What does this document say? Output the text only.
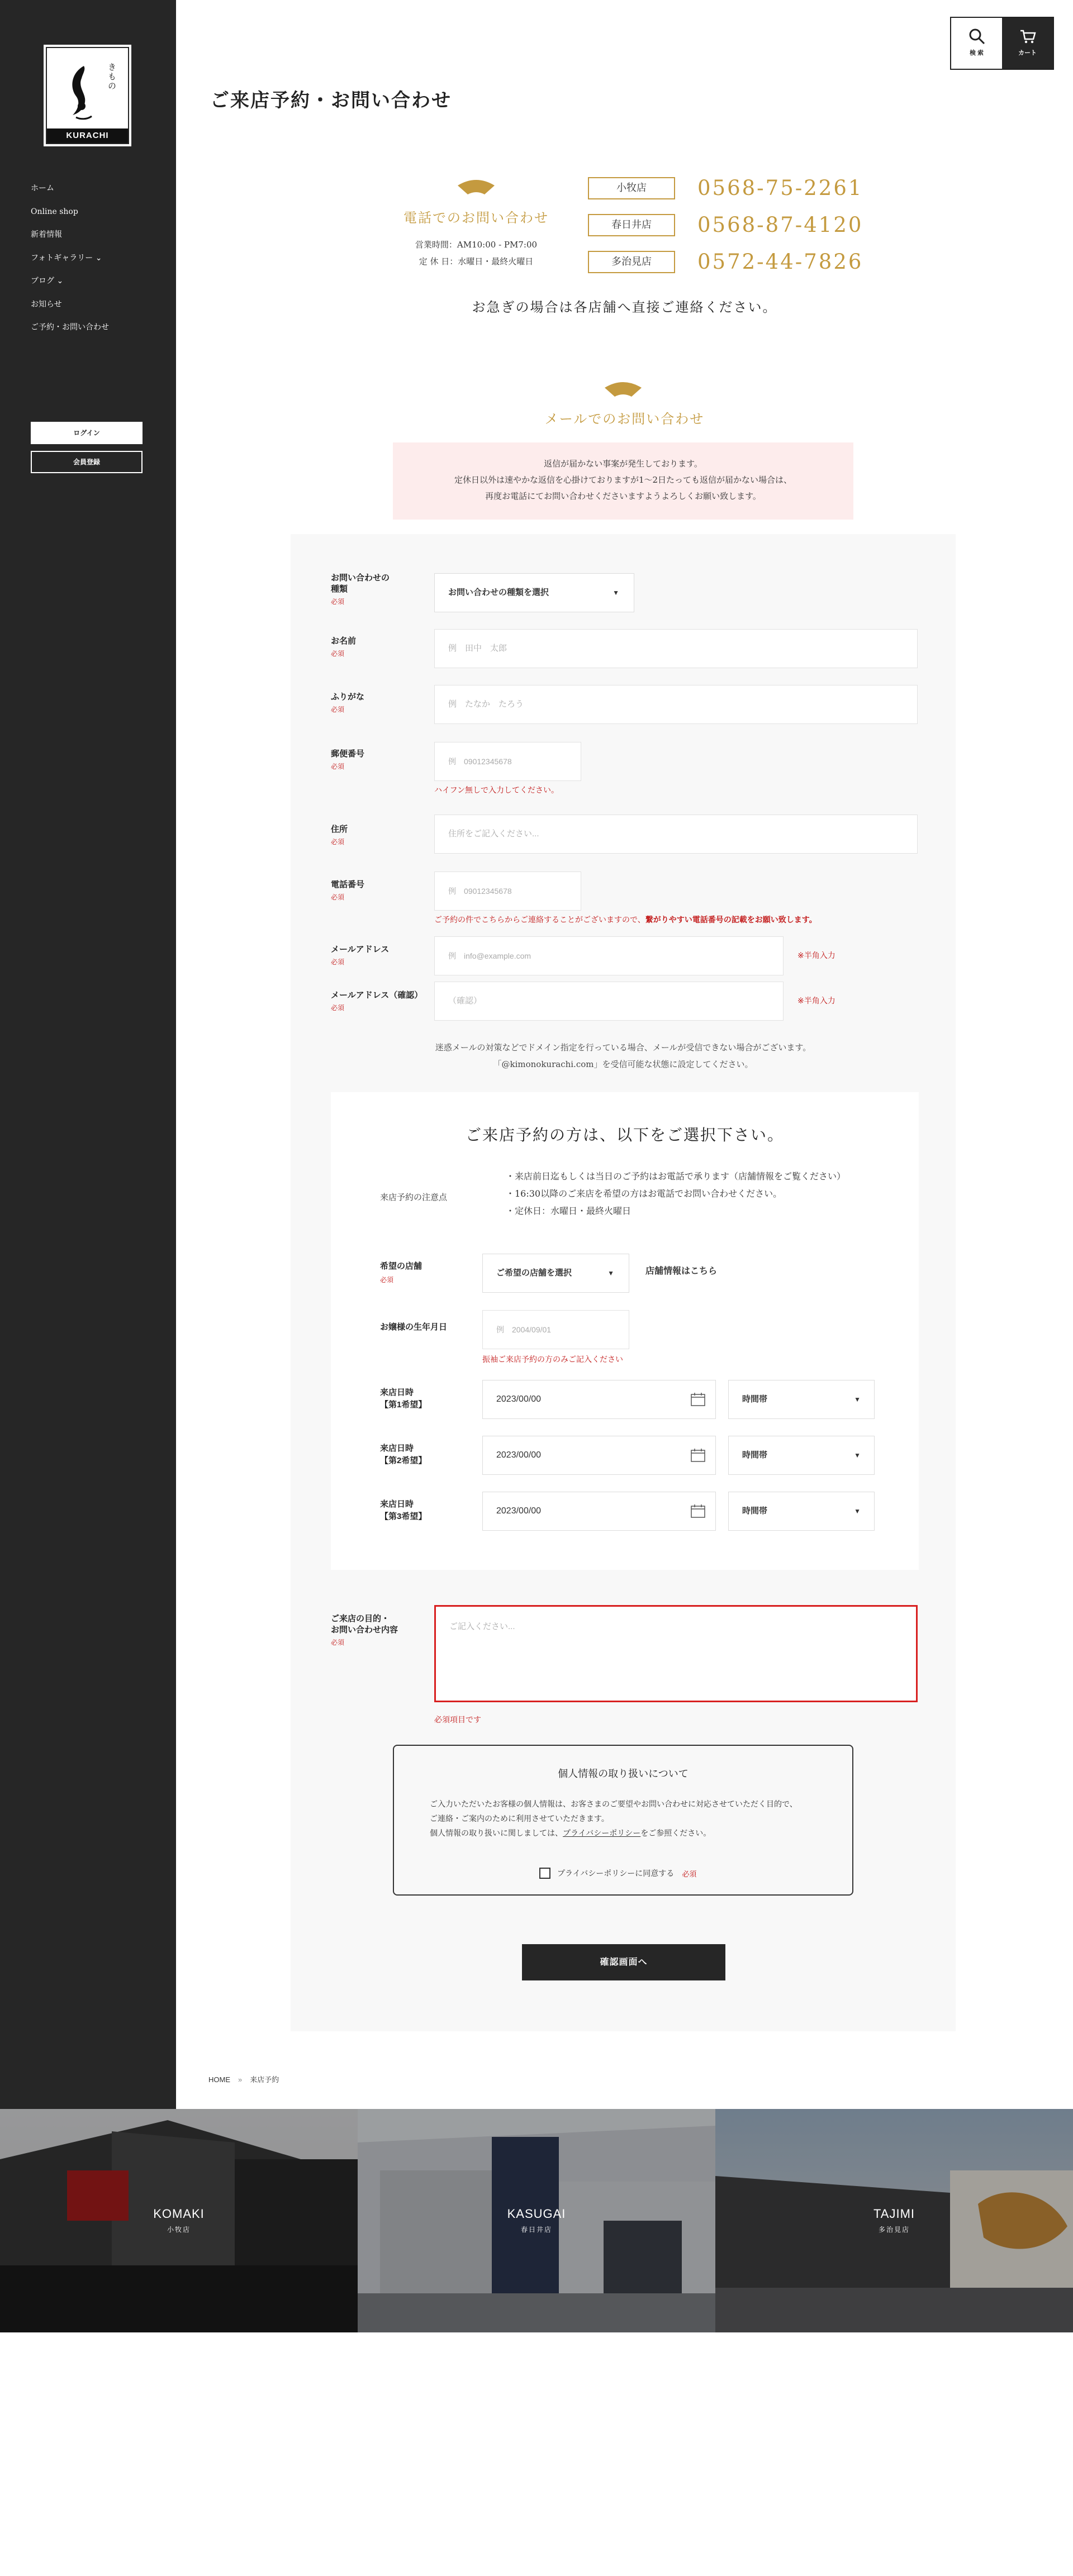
きもの
KURACHI
ホーム
Online shop
新着情報
フォトギャラリー ⌄
ブログ ⌄
お知らせ
ご予約・お問い合わせ
ログイン
会員登録
検 索	カート
ご来店予約・お問い合わせ
電話でのお問い合わせ
営業時間：AM10:00 - PM7:00
定 休 日：水曜日・最終火曜日
小牧店	0568-75-2261
春日井店	0568-87-4120
多治見店	0572-44-7826
お急ぎの場合は各店舗へ直接ご連絡ください。
メールでのお問い合わせ
返信が届かない事案が発生しております。
定休日以外は速やかな返信を心掛けておりますが1〜2日たっても返信が届かない場合は、
再度お電話にてお問い合わせくださいますようよろしくお願い致します。
お問い合わせの
種類
必須
お問い合わせの種類を選択	▼
お名前
必須
例　田中　太郎
ふりがな
必須
例　たなか　たろう
郵便番号
必須
例　09012345678
ハイフン無しで入力してください。
住所
必須
住所をご記入ください...
電話番号
必須
例　09012345678
ご予約の件でこちらからご連絡することがございますので、繋がりやすい電話番号の記載をお願い致します。
メールアドレス
必須
例　info@example.com	※半角入力
メールアドレス（確認）
必須
（確認）	※半角入力
迷惑メールの対策などでドメイン指定を行っている場合、メールが受信できない場合がございます。
「@kimonokurachi.com」を受信可能な状態に設定してください。
ご来店予約の方は、以下をご選択下さい。
来店予約の注意点
・来店前日迄もしくは当日のご予約はお電話で承ります（店舗情報をご覧ください）
・16:30以降のご来店を希望の方はお電話でお問い合わせください。
・定休日：水曜日・最終火曜日
希望の店舗
必須
ご希望の店舗を選択	▼	店舗情報はこちら
お嬢様の生年月日	例　2004/09/01
振袖ご来店予約の方のみご記入ください
来店日時
【第1希望】
2023/00/00	時間帯	▼
来店日時
【第2希望】
2023/00/00	時間帯	▼
来店日時
【第3希望】
2023/00/00	時間帯	▼
ご来店の目的・
お問い合わせ内容
必須
ご記入ください...
必須項目です
個人情報の取り扱いについて
ご入力いただいたお客様の個人情報は、お客さまのご要望やお問い合わせに対応させていただく目的で、
ご連絡・ご案内のために利用させていただきます。
個人情報の取り扱いに関しましては、プライバシーポリシーをご参照ください。
プライバシーポリシーに同意する 必須
確認画面へ
HOME » 来店予約
KOMAKI
小牧店
KASUGAI
春日井店
TAJIMI
多治見店
